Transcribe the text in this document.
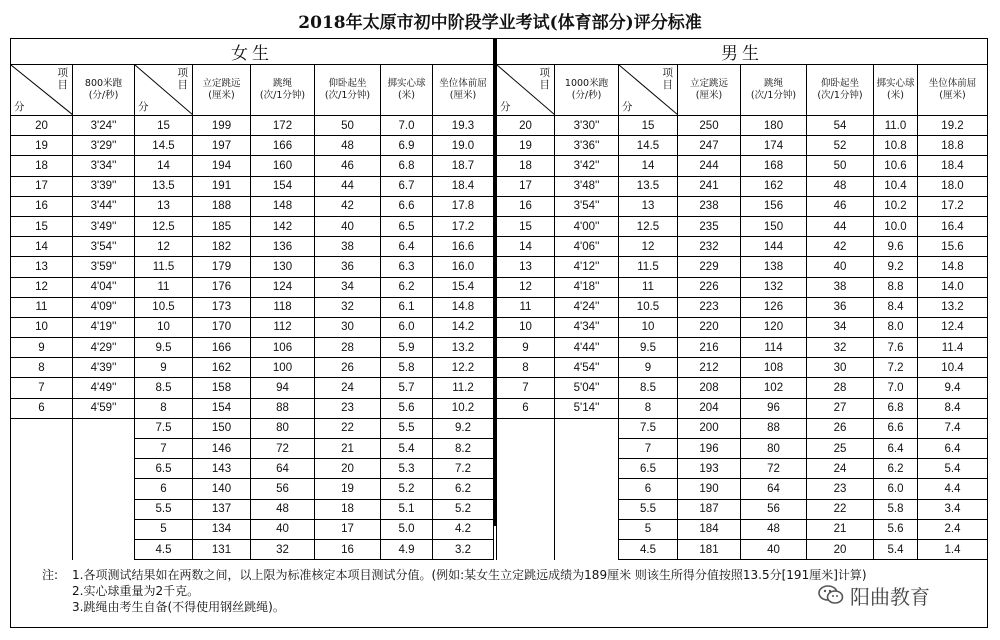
2018年太原市初中阶段学业考试(体育部分)评分标准
女生							

项
目
分	800米跑
(分/秒)	项
目
分	立定跳远
(厘米)	跳绳
(次/1分钟)	仰卧起坐
(次/1分钟)	掷实心球
(米)	坐位体前屈
(厘米)
20	3'24''	15	199	172	50	7.0	19.3
19	3'29''	14.5	197	166	48	6.9	19.0
18	3'34''	14	194	160	46	6.8	18.7
17	3'39''	13.5	191	154	44	6.7	18.4
16	3'44''	13	188	148	42	6.6	17.8
15	3'49''	12.5	185	142	40	6.5	17.2
14	3'54''	12	182	136	38	6.4	16.6
13	3'59''	11.5	179	130	36	6.3	16.0
12	4'04''	11	176	124	34	6.2	15.4
11	4'09''	10.5	173	118	32	6.1	14.8
10	4'19''	10	170	112	30	6.0	14.2
9	4'29''	9.5	166	106	28	5.9	13.2
8	4'39''	9	162	100	26	5.8	12.2
7	4'49''	8.5	158	94	24	5.7	11.2
6	4'59''	8	154	88	23	5.6	10.2
		7.5	150	80	22	5.5	9.2
		7	146	72	21	5.4	8.2
		6.5	143	64	20	5.3	7.2
		6	140	56	19	5.2	6.2
		5.5	137	48	18	5.1	5.2
		5	134	40	17	5.0	4.2
		4.5	131	32	16	4.9	3.2
男生							

项
目
分	1000米跑
(分/秒)	项
目
分	立定跳远
(厘米)	跳绳
(次/1分钟)	仰卧起坐
(次/1分钟)	掷实心球
(米)	坐位体前屈
(厘米)
20	3'30''	15	250	180	54	11.0	19.2
19	3'36''	14.5	247	174	52	10.8	18.8
18	3'42''	14	244	168	50	10.6	18.4
17	3'48''	13.5	241	162	48	10.4	18.0
16	3'54''	13	238	156	46	10.2	17.2
15	4'00''	12.5	235	150	44	10.0	16.4
14	4'06''	12	232	144	42	9.6	15.6
13	4'12''	11.5	229	138	40	9.2	14.8
12	4'18''	11	226	132	38	8.8	14.0
11	4'24''	10.5	223	126	36	8.4	13.2
10	4'34''	10	220	120	34	8.0	12.4
9	4'44''	9.5	216	114	32	7.6	11.4
8	4'54''	9	212	108	30	7.2	10.4
7	5'04''	8.5	208	102	28	7.0	9.4
6	5'14''	8	204	96	27	6.8	8.4
		7.5	200	88	26	6.6	7.4
		7	196	80	25	6.4	6.4
		6.5	193	72	24	6.2	5.4
		6	190	64	23	6.0	4.4
		5.5	187	56	22	5.8	3.4
		5	184	48	21	5.6	2.4
		4.5	181	40	20	5.4	1.4
注: 1.各项测试结果如在两数之间，以上限为标准核定本项目测试分值。(例如:某女生立定跳远成绩为189厘米 则该生所得分值按照13.5分[191厘米]计算)
2.实心球重量为2千克。
3.跳绳由考生自备(不得使用钢丝跳绳)。	阳曲教育
